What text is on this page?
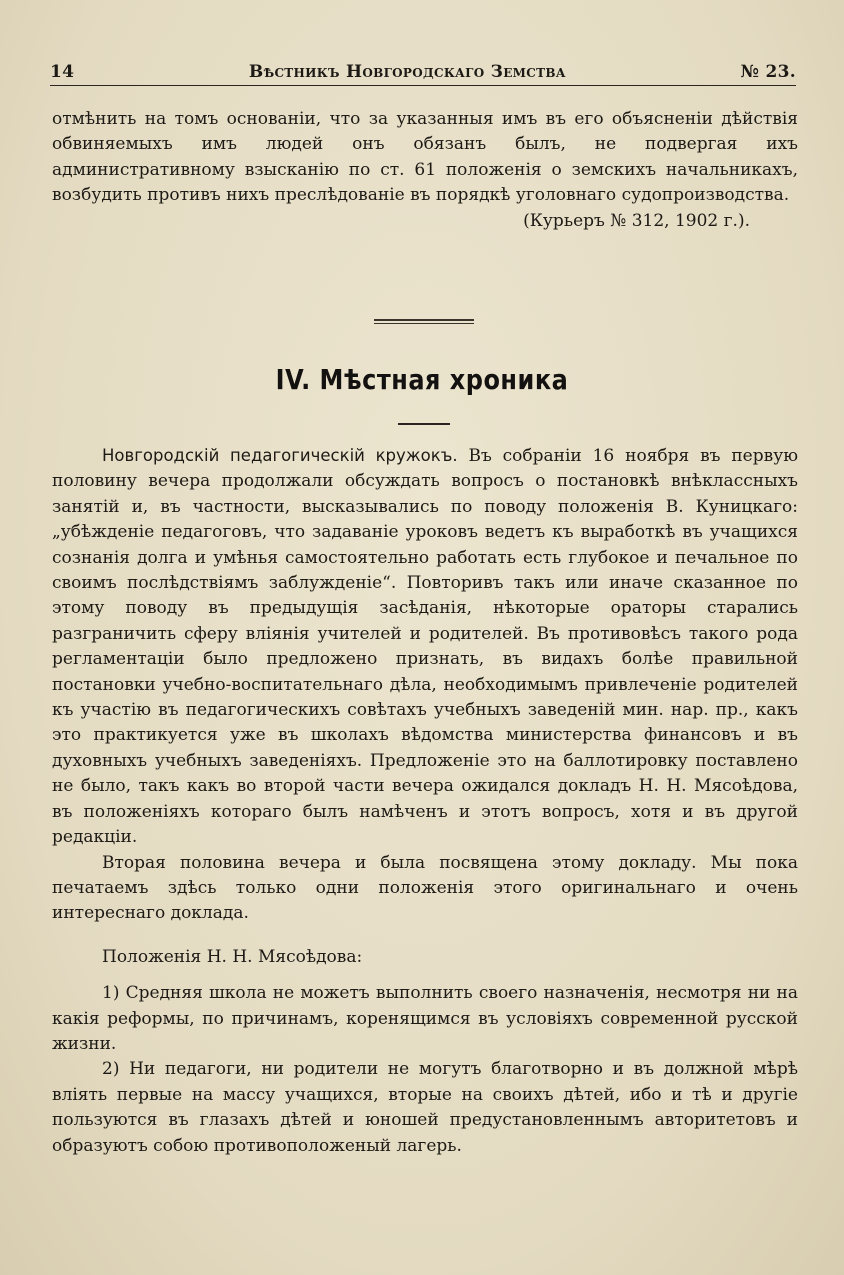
14	Вѣстникъ Новгородскаго Земства	№ 23.

отмѣнить на томъ основаніи, что за указанныя имъ въ его объясненіи дѣйствія обвиняемыхъ имъ людей онъ обязанъ былъ, не подвергая ихъ административному взысканію по ст. 61 положенія о земскихъ начальникахъ, возбудить противъ нихъ преслѣдованіе въ порядкѣ уголовнаго судопроизводства.

(Курьеръ № 312, 1902 г.).

IV. Мѣстная хроника

Новгородскій педагогическій кружокъ. Въ собраніи 16 ноября въ первую половину вечера продолжали обсуждать вопросъ о постановкѣ внѣклассныхъ занятій и, въ частности, высказывались по поводу положенія В. Куницкаго: „убѣжденіе педагоговъ, что задаваніе уроковъ ведетъ къ выработкѣ въ учащихся сознанія долга и умѣнья самостоятельно работать есть глубокое и печальное по своимъ послѣдствіямъ заблужденіе“. Повторивъ такъ или иначе сказанное по этому поводу въ предыдущія засѣданія, нѣкоторые ораторы старались разграничить сферу вліянія учителей и родителей. Въ противовѣсъ такого рода регламентаціи было предложено признать, въ видахъ болѣе правильной постановки учебно-воспитательнаго дѣла, необходимымъ привлеченіе родителей къ участію въ педагогическихъ совѣтахъ учебныхъ заведеній мин. нар. пр., какъ это практикуется уже въ школахъ вѣдомства министерства финансовъ и въ духовныхъ учебныхъ заведеніяхъ. Предложеніе это на баллотировку поставлено не было, такъ какъ во второй части вечера ожидался докладъ Н. Н. Мясоѣдова, въ положеніяхъ котораго былъ намѣченъ и этотъ вопросъ, хотя и въ другой редакціи.

Вторая половина вечера и была посвящена этому докладу. Мы пока печатаемъ здѣсь только одни положенія этого оригинальнаго и очень интереснаго доклада.

Положенія Н. Н. Мясоѣдова:

1) Средняя школа не можетъ выполнить своего назначенія, несмотря ни на какія реформы, по причинамъ, коренящимся въ условіяхъ современной русской жизни.

2) Ни педагоги, ни родители не могутъ благотворно и въ должной мѣрѣ вліять первые на массу учащихся, вторые на своихъ дѣтей, ибо и тѣ и другіе пользуются въ глазахъ дѣтей и юношей предустановленнымъ авторитетовъ и образуютъ собою противоположеный лагерь.
